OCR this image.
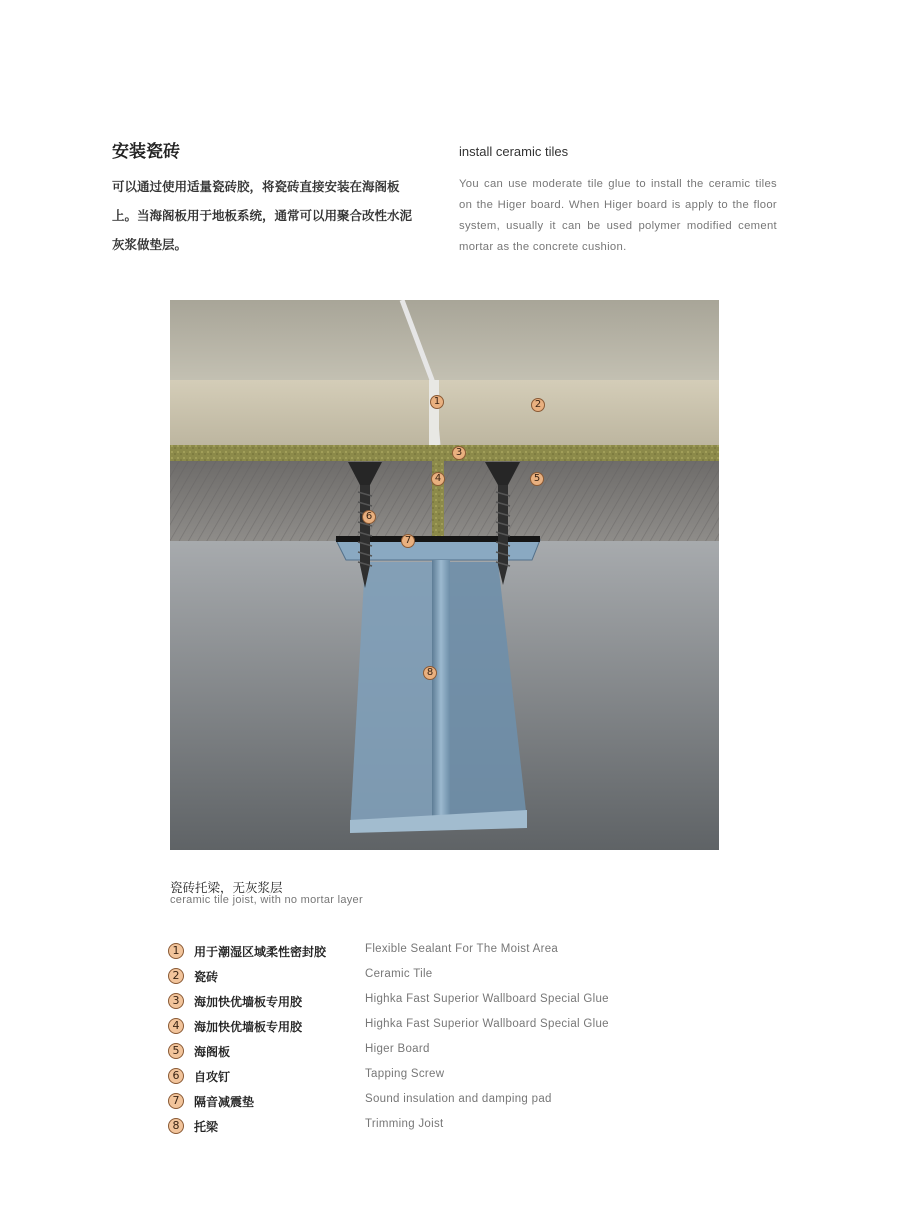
安装瓷砖
可以通过使用适量瓷砖胶，将瓷砖直接安装在海阁板上。当海阁板用于地板系统，通常可以用聚合改性水泥灰浆做垫层。
install ceramic tiles
You can use moderate tile glue to install the ceramic tiles on the Higer board. When Higer board is apply to the floor system, usually it can be used polymer modified cement mortar as the concrete cushion.
1	2
3
4	5
6
7
8
瓷砖托梁，无灰浆层
ceramic tile joist, with no mortar layer
1	用于潮湿区域柔性密封胶	Flexible Sealant For The Moist Area
2	瓷砖	Ceramic Tile
3	海加快优墙板专用胶	Highka Fast Superior Wallboard Special Glue
4	海加快优墙板专用胶	Highka Fast Superior Wallboard Special Glue
5	海阁板	Higer Board
6	自攻钉	Tapping Screw
7	隔音减震垫	Sound insulation and damping pad
8	托梁	Trimming Joist
